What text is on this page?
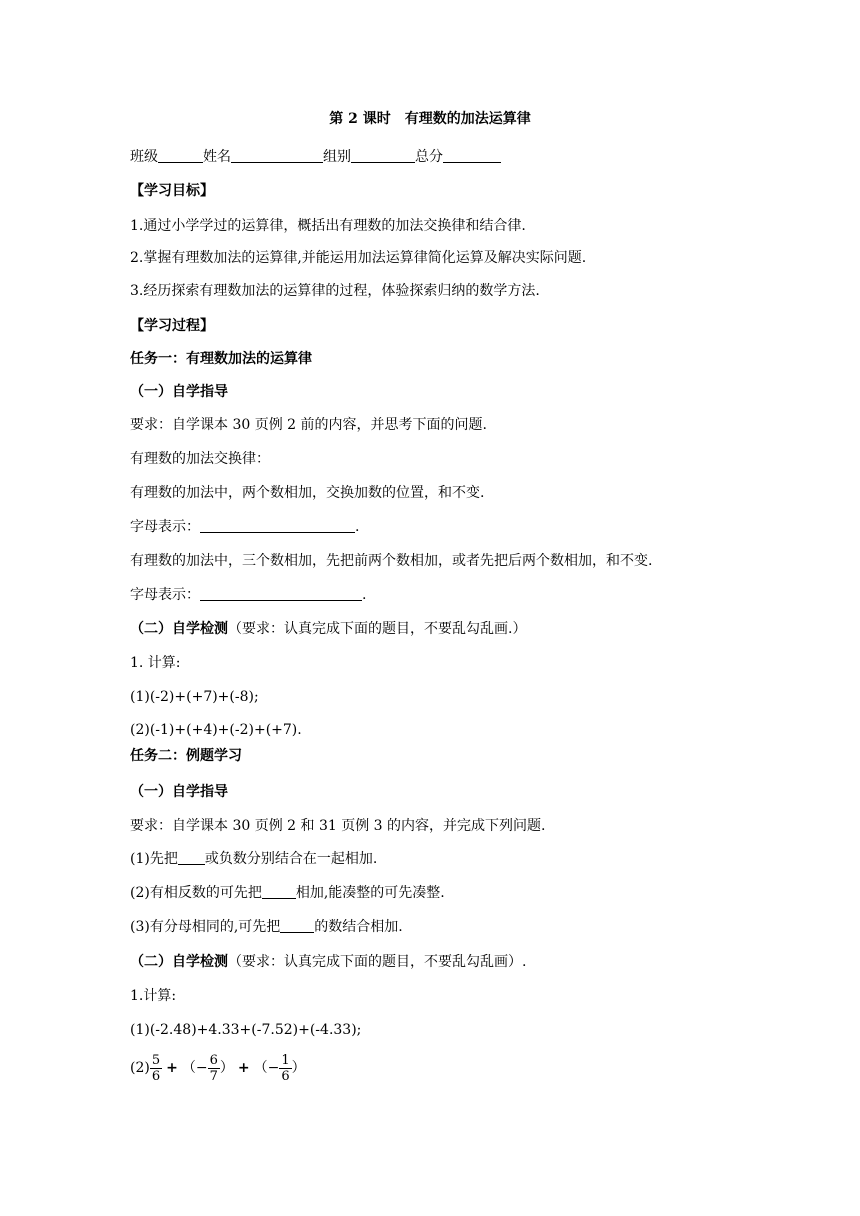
第 2 课时　有理数的加法运算律
班级	姓名	组别	总分
【学习目标】
1.通过小学学过的运算律，概括出有理数的加法交换律和结合律.
2.掌握有理数加法的运算律,并能运用加法运算律简化运算及解决实际问题.
3.经历探索有理数加法的运算律的过程，体验探索归纳的数学方法.
【学习过程】
任务一：有理数加法的运算律
（一）自学指导
要求：自学课本 30 页例 2 前的内容，并思考下面的问题.
有理数的加法交换律：
有理数的加法中，两个数相加，交换加数的位置，和不变.
字母表示：	.
有理数的加法中，三个数相加，先把前两个数相加，或者先把后两个数相加，和不变.
字母表示：	.
（二）自学检测（要求：认真完成下面的题目，不要乱勾乱画.）
1. 计算:
(1)(-2)+(+7)+(-8);
(2)(-1)+(+4)+(-2)+(+7).
任务二：例题学习
（一）自学指导
要求：自学课本 30 页例 2 和 31 页例 3 的内容，并完成下列问题.
(1)先把 或负数分别结合在一起相加.
(2)有相反数的可先把 相加,能凑整的可先凑整.
(3)有分母相同的,可先把 的数结合相加.
（二）自学检测（要求：认真完成下面的题目，不要乱勾乱画）.
1.计算:
(1)(-2.48)+4.33+(-7.52)+(-4.33);
$(2) \frac{5}{6}$ + （− $\frac{6}{7}$ ） + （− $\frac{1}{6}$ ）
